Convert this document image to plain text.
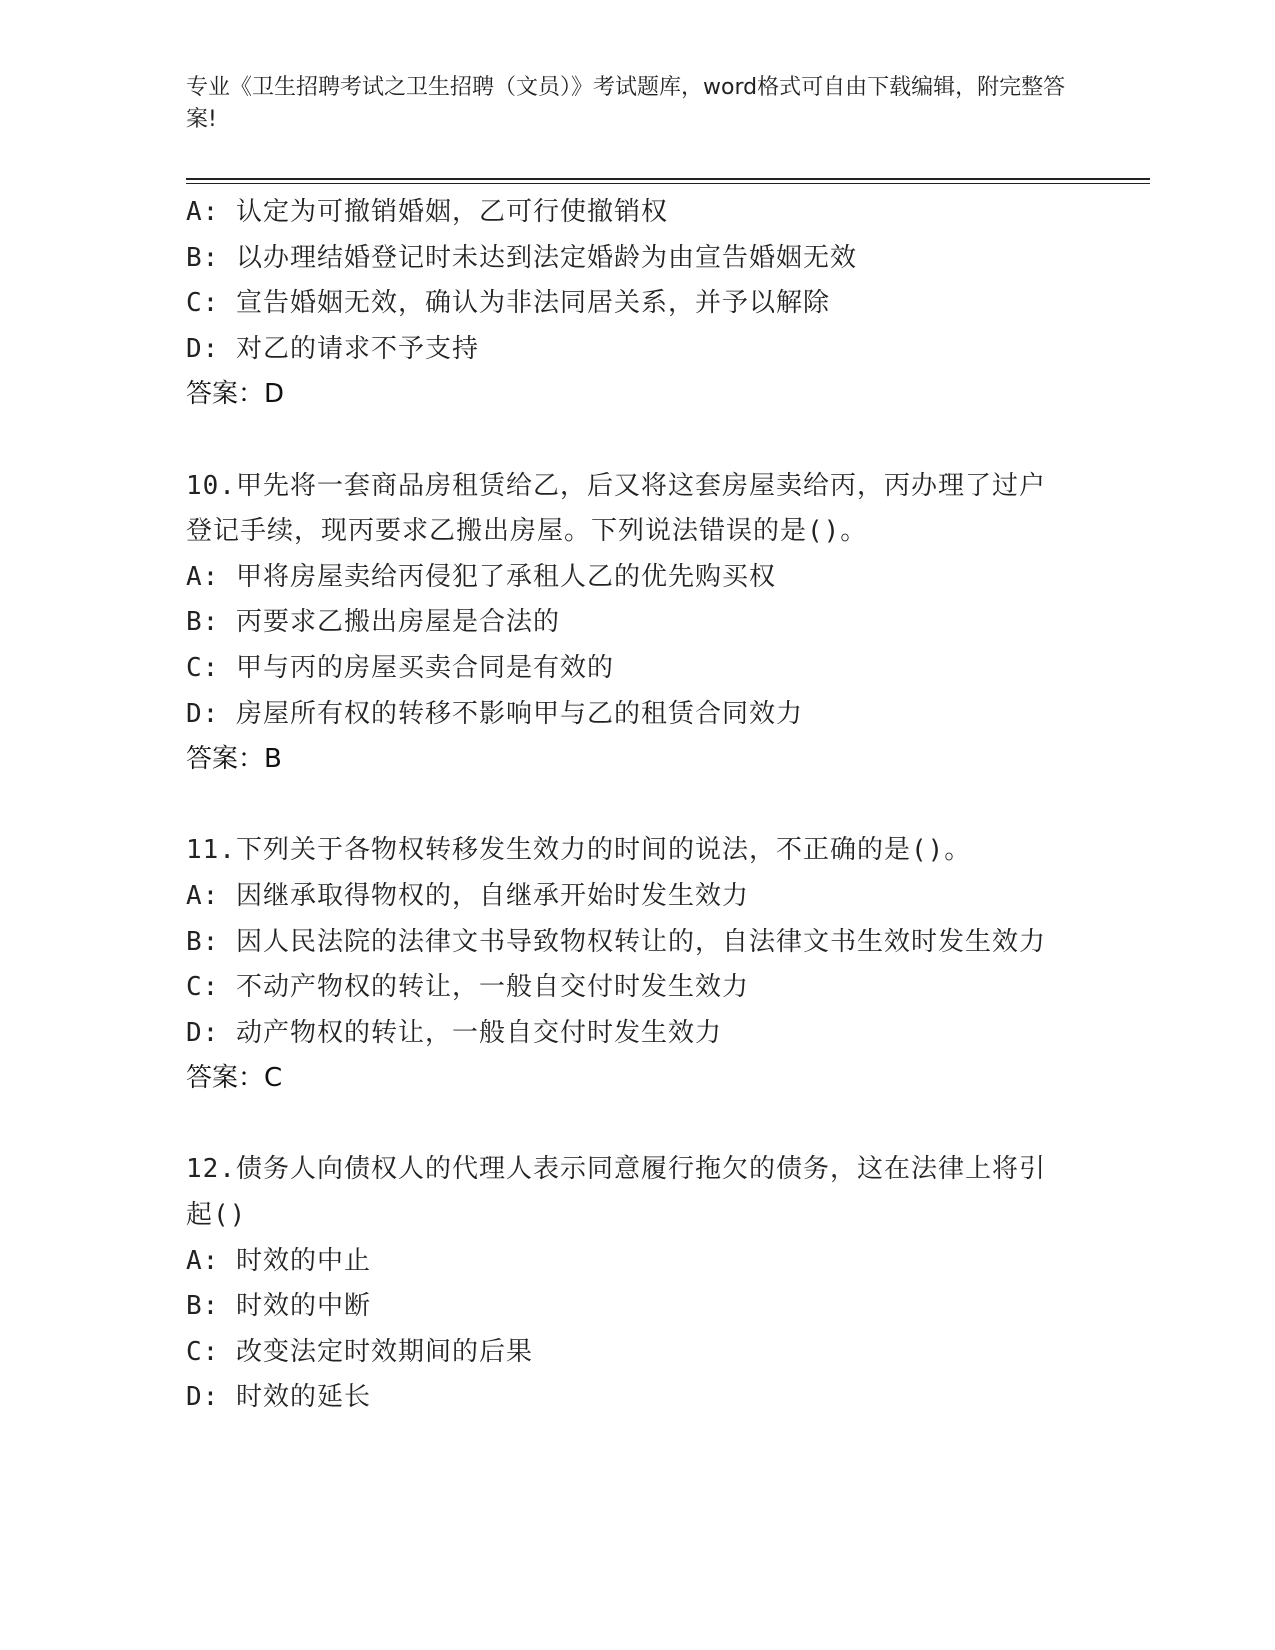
专业《卫生招聘考试之卫生招聘（文员）》考试题库，word格式可自由下载编辑，附完整答案!
A: 认定为可撤销婚姻，乙可行使撤销权
B: 以办理结婚登记时未达到法定婚龄为由宣告婚姻无效
C: 宣告婚姻无效，确认为非法同居关系，并予以解除
D: 对乙的请求不予支持
答案：D
10.甲先将一套商品房租赁给乙，后又将这套房屋卖给丙，丙办理了过户登记手续，现丙要求乙搬出房屋。下列说法错误的是()。
A: 甲将房屋卖给丙侵犯了承租人乙的优先购买权
B: 丙要求乙搬出房屋是合法的
C: 甲与丙的房屋买卖合同是有效的
D: 房屋所有权的转移不影响甲与乙的租赁合同效力
答案：B
11.下列关于各物权转移发生效力的时间的说法，不正确的是()。
A: 因继承取得物权的，自继承开始时发生效力
B: 因人民法院的法律文书导致物权转让的，自法律文书生效时发生效力
C: 不动产物权的转让，一般自交付时发生效力
D: 动产物权的转让，一般自交付时发生效力
答案：C
12.债务人向债权人的代理人表示同意履行拖欠的债务，这在法律上将引起()
A: 时效的中止
B: 时效的中断
C: 改变法定时效期间的后果
D: 时效的延长
